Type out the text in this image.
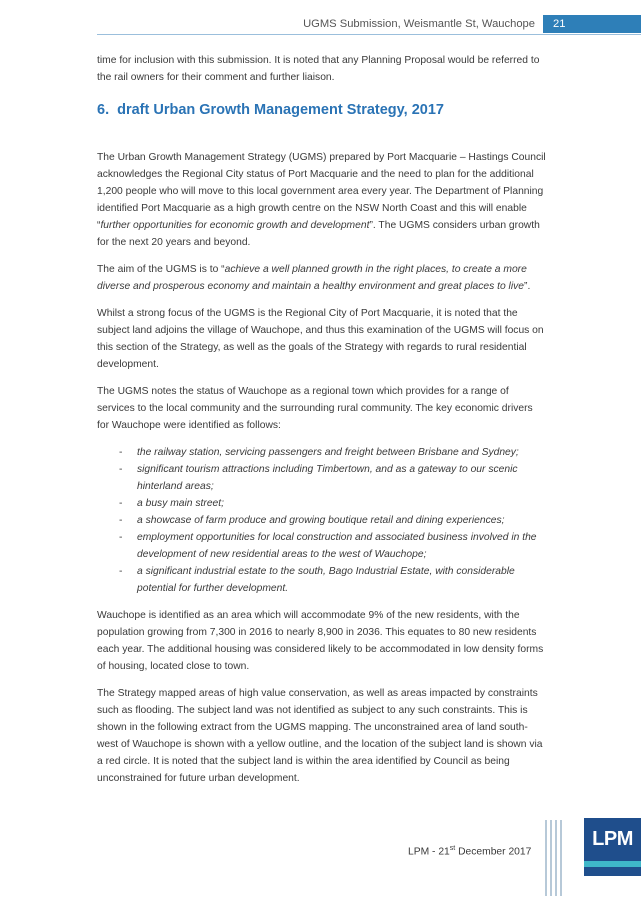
UGMS Submission, Weismantle St, Wauchope 21

time for inclusion with this submission. It is noted that any Planning Proposal would be referred to the rail owners for their comment and further liaison.

6. draft Urban Growth Management Strategy, 2017

The Urban Growth Management Strategy (UGMS) prepared by Port Macquarie – Hastings Council acknowledges the Regional City status of Port Macquarie and the need to plan for the additional 1,200 people who will move to this local government area every year. The Department of Planning identified Port Macquarie as a high growth centre on the NSW North Coast and this will enable “further opportunities for economic growth and development”. The UGMS considers urban growth for the next 20 years and beyond.

The aim of the UGMS is to “achieve a well planned growth in the right places, to create a more diverse and prosperous economy and maintain a healthy environment and great places to live”.

Whilst a strong focus of the UGMS is the Regional City of Port Macquarie, it is noted that the subject land adjoins the village of Wauchope, and thus this examination of the UGMS will focus on this section of the Strategy, as well as the goals of the Strategy with regards to rural residential development.

The UGMS notes the status of Wauchope as a regional town which provides for a range of services to the local community and the surrounding rural community. The key economic drivers for Wauchope were identified as follows:

- the railway station, servicing passengers and freight between Brisbane and Sydney;
- significant tourism attractions including Timbertown, and as a gateway to our scenic hinterland areas;
- a busy main street;
- a showcase of farm produce and growing boutique retail and dining experiences;
- employment opportunities for local construction and associated business involved in the development of new residential areas to the west of Wauchope;
- a significant industrial estate to the south, Bago Industrial Estate, with considerable potential for further development.

Wauchope is identified as an area which will accommodate 9% of the new residents, with the population growing from 7,300 in 2016 to nearly 8,900 in 2036. This equates to 80 new residents each year. The additional housing was considered likely to be accommodated in low density forms of housing, located close to town.

The Strategy mapped areas of high value conservation, as well as areas impacted by constraints such as flooding. The subject land was not identified as subject to any such constraints. This is shown in the following extract from the UGMS mapping. The unconstrained area of land south-west of Wauchope is shown with a yellow outline, and the location of the subject land is shown via a red circle. It is noted that the subject land is within the area identified by Council as being unconstrained for future urban development.

LPM - 21st December 2017
LPM
